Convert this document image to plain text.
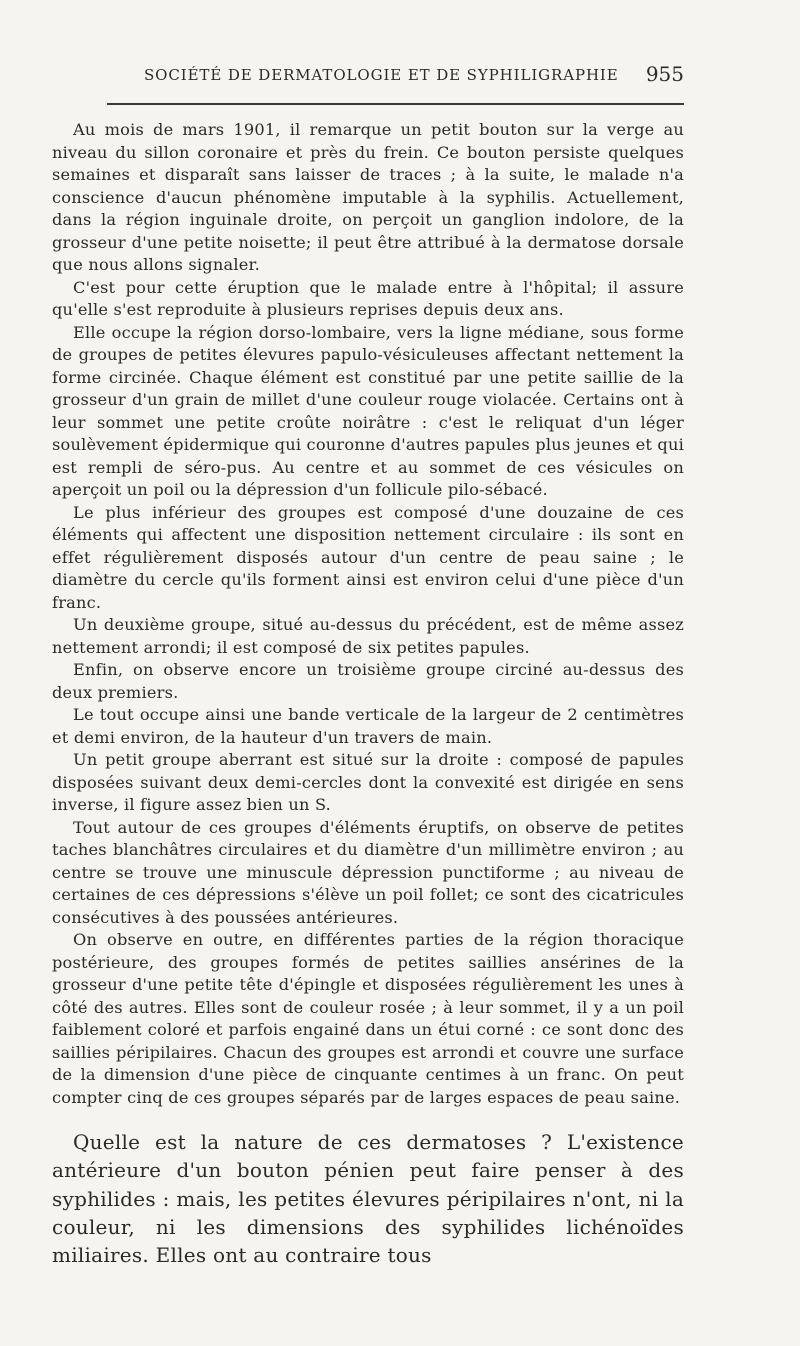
SOCIÉTÉ DE DERMATOLOGIE ET DE SYPHILIGRAPHIE 955

Au mois de mars 1901, il remarque un petit bouton sur la verge au niveau du sillon coronaire et près du frein. Ce bouton persiste quelques semaines et disparaît sans laisser de traces ; à la suite, le malade n'a conscience d'aucun phénomène imputable à la syphilis. Actuellement, dans la région inguinale droite, on perçoit un ganglion indolore, de la grosseur d'une petite noisette; il peut être attribué à la dermatose dorsale que nous allons signaler.

C'est pour cette éruption que le malade entre à l'hôpital; il assure qu'elle s'est reproduite à plusieurs reprises depuis deux ans.

Elle occupe la région dorso-lombaire, vers la ligne médiane, sous forme de groupes de petites élevures papulo-vésiculeuses affectant nettement la forme circinée. Chaque élément est constitué par une petite saillie de la grosseur d'un grain de millet d'une couleur rouge violacée. Certains ont à leur sommet une petite croûte noirâtre : c'est le reliquat d'un léger soulèvement épidermique qui couronne d'autres papules plus jeunes et qui est rempli de séro-pus. Au centre et au sommet de ces vésicules on aperçoit un poil ou la dépression d'un follicule pilo-sébacé.

Le plus inférieur des groupes est composé d'une douzaine de ces éléments qui affectent une disposition nettement circulaire : ils sont en effet régulièrement disposés autour d'un centre de peau saine ; le diamètre du cercle qu'ils forment ainsi est environ celui d'une pièce d'un franc.

Un deuxième groupe, situé au-dessus du précédent, est de même assez nettement arrondi; il est composé de six petites papules.

Enfin, on observe encore un troisième groupe circiné au-dessus des deux premiers.

Le tout occupe ainsi une bande verticale de la largeur de 2 centimètres et demi environ, de la hauteur d'un travers de main.

Un petit groupe aberrant est situé sur la droite : composé de papules disposées suivant deux demi-cercles dont la convexité est dirigée en sens inverse, il figure assez bien un S.

Tout autour de ces groupes d'éléments éruptifs, on observe de petites taches blanchâtres circulaires et du diamètre d'un millimètre environ ; au centre se trouve une minuscule dépression punctiforme ; au niveau de certaines de ces dépressions s'élève un poil follet; ce sont des cicatricules consécutives à des poussées antérieures.

On observe en outre, en différentes parties de la région thoracique postérieure, des groupes formés de petites saillies ansérines de la grosseur d'une petite tête d'épingle et disposées régulièrement les unes à côté des autres. Elles sont de couleur rosée ; à leur sommet, il y a un poil faiblement coloré et parfois engainé dans un étui corné : ce sont donc des saillies péripilaires. Chacun des groupes est arrondi et couvre une surface de la dimension d'une pièce de cinquante centimes à un franc. On peut compter cinq de ces groupes séparés par de larges espaces de peau saine.

Quelle est la nature de ces dermatoses ? L'existence antérieure d'un bouton pénien peut faire penser à des syphilides : mais, les petites élevures péripilaires n'ont, ni la couleur, ni les dimensions des syphilides lichénoïdes miliaires. Elles ont au contraire tous
